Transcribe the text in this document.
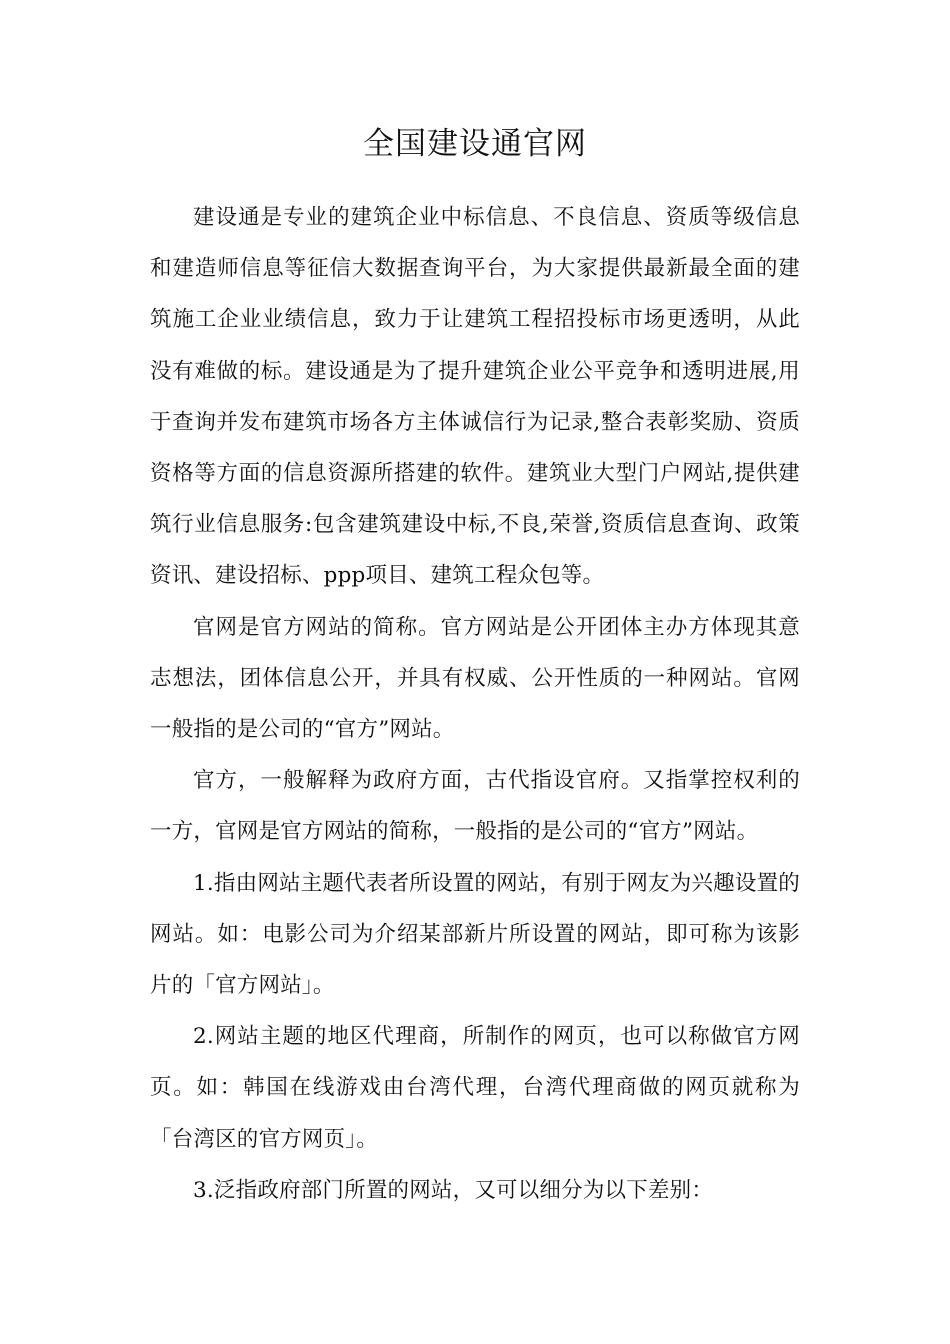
全国建设通官网

建设通是专业的建筑企业中标信息、不良信息、资质等级信息和建造师信息等征信大数据查询平台，为大家提供最新最全面的建筑施工企业业绩信息，致力于让建筑工程招投标市场更透明，从此没有难做的标。建设通是为了提升建筑企业公平竞争和透明进展,用于查询并发布建筑市场各方主体诚信行为记录,整合表彰奖励、资质资格等方面的信息资源所搭建的软件。建筑业大型门户网站,提供建筑行业信息服务:包含建筑建设中标,不良,荣誉,资质信息查询、政策资讯、建设招标、ppp项目、建筑工程众包等。

官网是官方网站的简称。官方网站是公开团体主办方体现其意志想法，团体信息公开，并具有权威、公开性质的一种网站。官网一般指的是公司的“官方”网站。

官方，一般解释为政府方面，古代指设官府。又指掌控权利的一方，官网是官方网站的简称，一般指的是公司的“官方”网站。

1.指由网站主题代表者所设置的网站，有别于网友为兴趣设置的网站。如：电影公司为介绍某部新片所设置的网站，即可称为该影片的「官方网站」。

2.网站主题的地区代理商，所制作的网页，也可以称做官方网页。如：韩国在线游戏由台湾代理，台湾代理商做的网页就称为「台湾区的官方网页」。

3.泛指政府部门所置的网站，又可以细分为以下差别：
